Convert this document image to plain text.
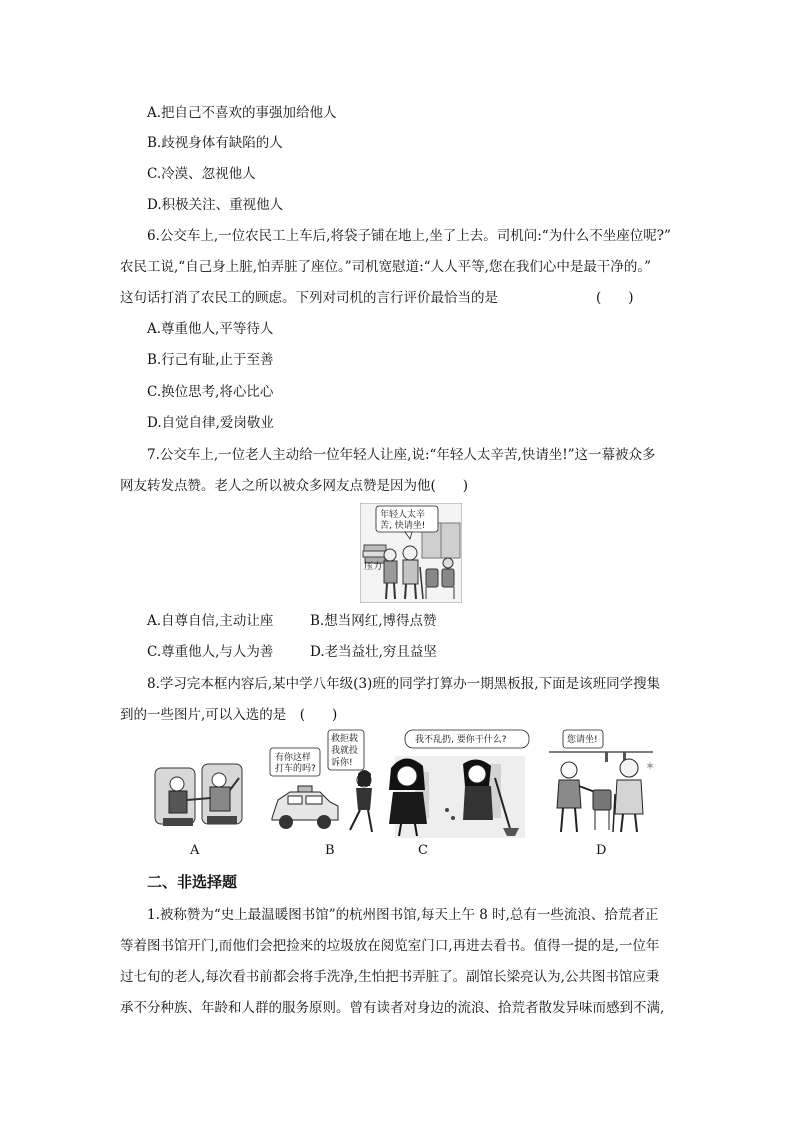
A.把自己不喜欢的事强加给他人
B.歧视身体有缺陷的人
C.冷漠、忽视他人
D.积极关注、重视他人
6.公交车上,一位农民工上车后,将袋子铺在地上,坐了上去。司机问:“为什么不坐座位呢?”
农民工说,“自己身上脏,怕弄脏了座位。”司机宽慰道:“人人平等,您在我们心中是最干净的。”
这句话打消了农民工的顾虑。下列对司机的言行评价最恰当的是	(　　)
A.尊重他人,平等待人
B.行己有耻,止于至善
C.换位思考,将心比心
D.自觉自律,爱岗敬业
7.公交车上,一位老人主动给一位年轻人让座,说:“年轻人太辛苦,快请坐!”这一幕被众多
网友转发点赞。老人之所以被众多网友点赞是因为他(　　)
年轻人太辛
苦, 快请坐!
压力
A.自尊自信,主动让座	B.想当网红,博得点赞
C.尊重他人,与人为善	D.老当益壮,穷且益坚
8.学习完本框内容后,某中学八年级(3)班的同学打算办一期黑板报,下面是该班同学搜集
到的一些图片,可以入选的是　(　　)
有你这样
打车的吗?
救拒载
我就投
诉你!
我不乱扔, 要你干什么?	您请坐!
✶
A	B	C	D
二、非选择题
1.被称赞为“史上最温暖图书馆”的杭州图书馆,每天上午 8 时,总有一些流浪、拾荒者正
等着图书馆开门,而他们会把捡来的垃圾放在阅览室门口,再进去看书。值得一提的是,一位年
过七旬的老人,每次看书前都会将手洗净,生怕把书弄脏了。副馆长梁亮认为,公共图书馆应秉
承不分种族、年龄和人群的服务原则。曾有读者对身边的流浪、拾荒者散发异味而感到不满,
